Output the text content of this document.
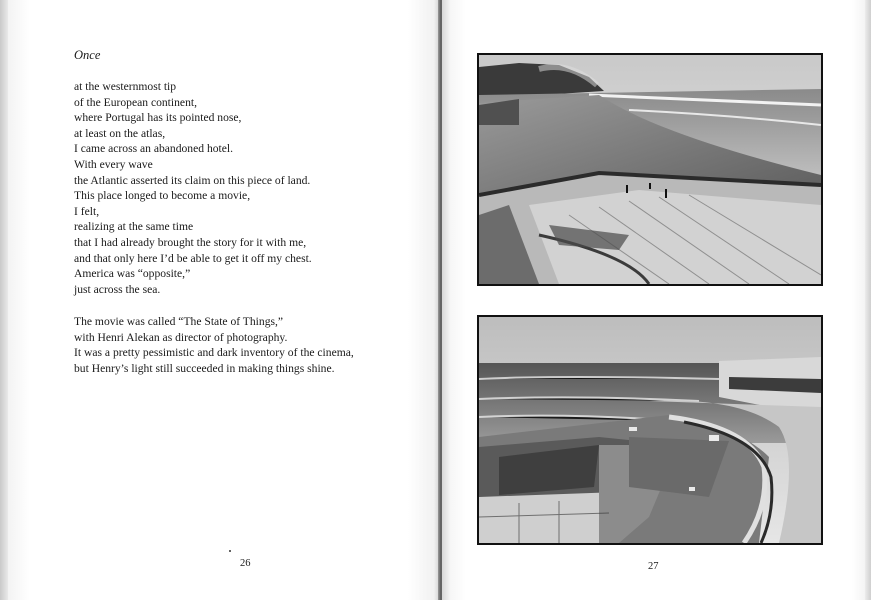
Once
at the westernmost tip
of the European continent,
where Portugal has its pointed nose,
at least on the atlas,
I came across an abandoned hotel.
With every wave
the Atlantic asserted its claim on this piece of land.
This place longed to become a movie,
I felt,
realizing at the same time
that I had already brought the story for it with me,
and that only here I’d be able to get it off my chest.
America was “opposite,”
just across the sea.
The movie was called “The State of Things,”
with Henri Alekan as director of photography.
It was a pretty pessimistic and dark inventory of the cinema,
but Henry’s light still succeeded in making things shine.
26	27
